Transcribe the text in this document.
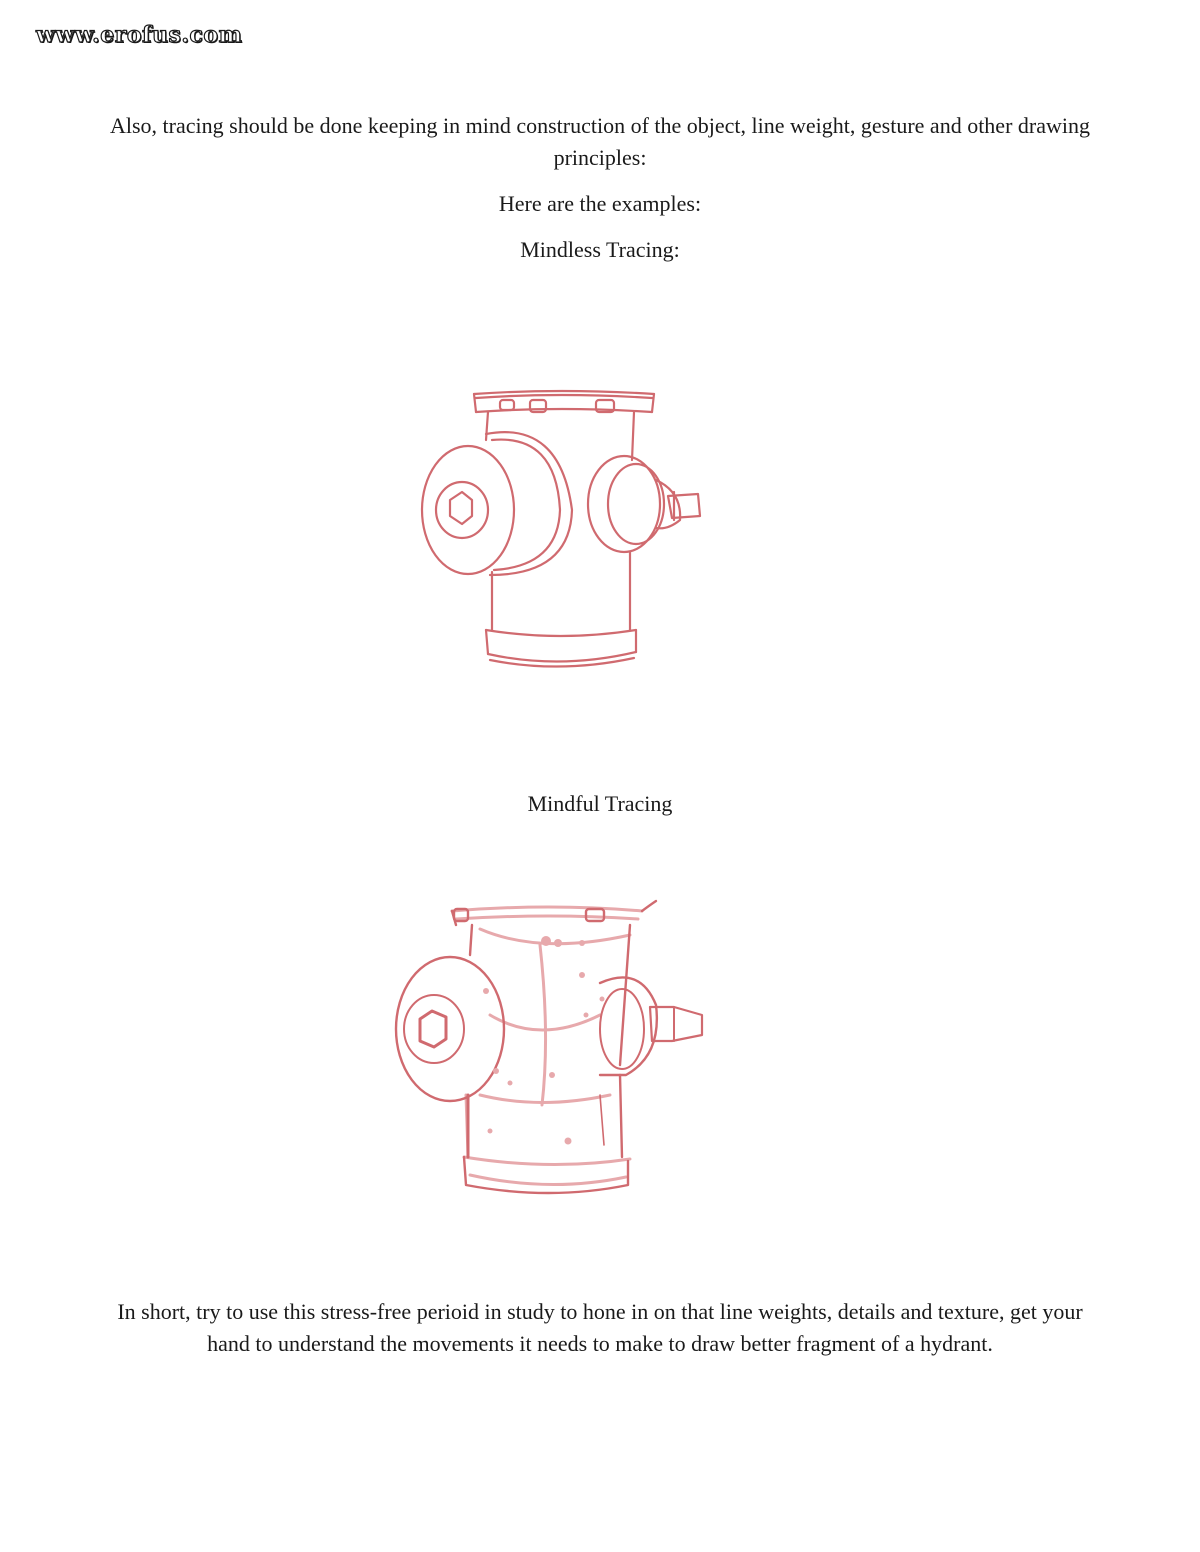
www.erofus.com
Also, tracing should be done keeping in mind construction of the object, line weight, gesture and other drawing principles:
Here are the examples:
Mindless Tracing:
Mindful Tracing
In short, try to use this stress-free perioid in study to hone in on that line weights, details and texture, get your hand to understand the movements it needs to make to draw better fragment of a hydrant.
